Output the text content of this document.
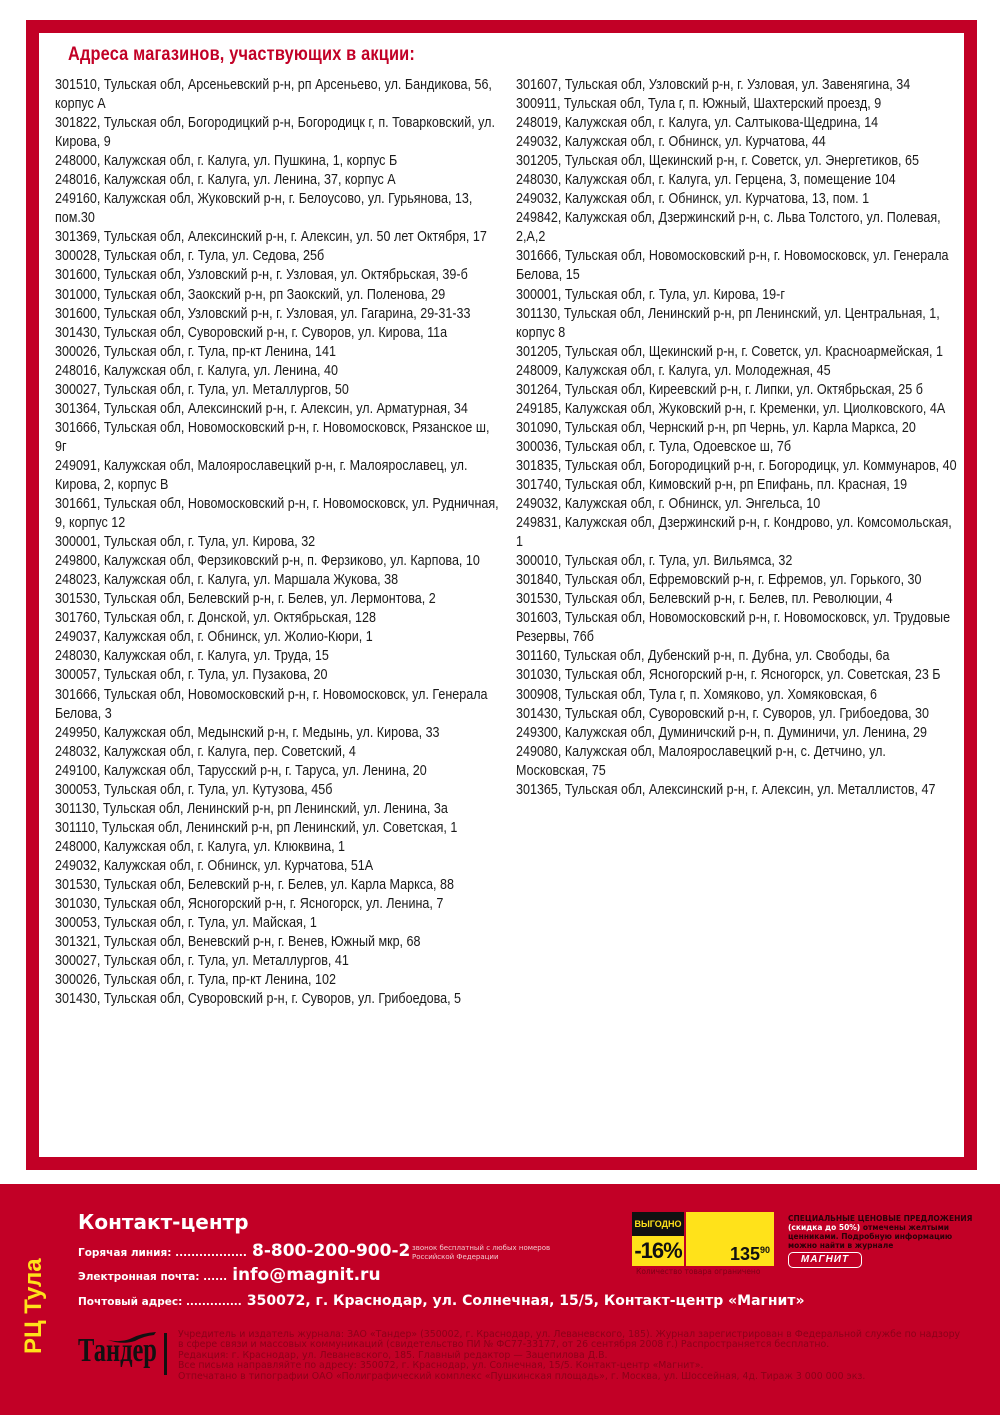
Адреса магазинов, участвующих в акции:
301510, Тульская обл, Арсеньевский р-н, рп Арсеньево, ул. Бандикова, 56, корпус А
301822, Тульская обл, Богородицкий р-н, Богородицк г, п. Товарковский, ул. Кирова, 9
248000, Калужская обл, г. Калуга, ул. Пушкина, 1, корпус Б
248016, Калужская обл, г. Калуга, ул. Ленина, 37, корпус А
249160, Калужская обл, Жуковский р-н, г. Белоусово, ул. Гурьянова, 13, пом.30
301369, Тульская обл, Алексинский р-н, г. Алексин, ул. 50 лет Октября, 17
300028, Тульская обл, г. Тула, ул. Седова, 25б
301600, Тульская обл, Узловский р-н, г. Узловая, ул. Октябрьская, 39-б
301000, Тульская обл, Заокский р-н, рп Заокский, ул. Поленова, 29
301600, Тульская обл, Узловский р-н, г. Узловая, ул. Гагарина, 29-31-33
301430, Тульская обл, Суворовский р-н, г. Суворов, ул. Кирова, 11а
300026, Тульская обл, г. Тула, пр-кт Ленина, 141
248016, Калужская обл, г. Калуга, ул. Ленина, 40
300027, Тульская обл, г. Тула, ул. Металлургов, 50
301364, Тульская обл, Алексинский р-н, г. Алексин, ул. Арматурная, 34
301666, Тульская обл, Новомосковский р-н, г. Новомосковск, Рязанское ш, 9г
249091, Калужская обл, Малоярославецкий р-н, г. Малоярославец, ул. Кирова, 2, корпус В
301661, Тульская обл, Новомосковский р-н, г. Новомосковск, ул. Рудничная, 9, корпус 12
300001, Тульская обл, г. Тула, ул. Кирова, 32
249800, Калужская обл, Ферзиковский р-н, п. Ферзиково, ул. Карпова, 10
248023, Калужская обл, г. Калуга, ул. Маршала Жукова, 38
301530, Тульская обл, Белевский р-н, г. Белев, ул. Лермонтова, 2
301760, Тульская обл, г. Донской, ул. Октябрьская, 128
249037, Калужская обл, г. Обнинск, ул. Жолио-Кюри, 1
248030, Калужская обл, г. Калуга, ул. Труда, 15
300057, Тульская обл, г. Тула, ул. Пузакова, 20
301666, Тульская обл, Новомосковский р-н, г. Новомосковск, ул. Генерала Белова, 3
249950, Калужская обл, Медынский р-н, г. Медынь, ул. Кирова, 33
248032, Калужская обл, г. Калуга, пер. Советский, 4
249100, Калужская обл, Тарусский р-н, г. Таруса, ул. Ленина, 20
300053, Тульская обл, г. Тула, ул. Кутузова, 45б
301130, Тульская обл, Ленинский р-н, рп Ленинский, ул. Ленина, 3а
301110, Тульская обл, Ленинский р-н, рп Ленинский, ул. Советская, 1
248000, Калужская обл, г. Калуга, ул. Клюквина, 1
249032, Калужская обл, г. Обнинск, ул. Курчатова, 51А
301530, Тульская обл, Белевский р-н, г. Белев, ул. Карла Маркса, 88
301030, Тульская обл, Ясногорский р-н, г. Ясногорск, ул. Ленина, 7
300053, Тульская обл, г. Тула, ул. Майская, 1
301321, Тульская обл, Веневский р-н, г. Венев, Южный мкр, 68
300027, Тульская обл, г. Тула, ул. Металлургов, 41
300026, Тульская обл, г. Тула, пр-кт Ленина, 102
301430, Тульская обл, Суворовский р-н, г. Суворов, ул. Грибоедова, 5
301607, Тульская обл, Узловский р-н, г. Узловая, ул. Завенягина, 34
300911, Тульская обл, Тула г, п. Южный, Шахтерский проезд, 9
248019, Калужская обл, г. Калуга, ул. Салтыкова-Щедрина, 14
249032, Калужская обл, г. Обнинск, ул. Курчатова, 44
301205, Тульская обл, Щекинский р-н, г. Советск, ул. Энергетиков, 65
248030, Калужская обл, г. Калуга, ул. Герцена, 3, помещение 104
249032, Калужская обл, г. Обнинск, ул. Курчатова, 13, пом. 1
249842, Калужская обл, Дзержинский р-н, с. Льва Толстого, ул. Полевая, 2,А,2
301666, Тульская обл, Новомосковский р-н, г. Новомосковск, ул. Генерала Белова, 15
300001, Тульская обл, г. Тула, ул. Кирова, 19-г
301130, Тульская обл, Ленинский р-н, рп Ленинский, ул. Центральная, 1, корпус 8
301205, Тульская обл, Щекинский р-н, г. Советск, ул. Красноармейская, 1
248009, Калужская обл, г. Калуга, ул. Молодежная, 45
301264, Тульская обл, Киреевский р-н, г. Липки, ул. Октябрьская, 25 б
249185, Калужская обл, Жуковский р-н, г. Кременки, ул. Циолковского, 4А
301090, Тульская обл, Чернский р-н, рп Чернь, ул. Карла Маркса, 20
300036, Тульская обл, г. Тула, Одоевское ш, 7б
301835, Тульская обл, Богородицкий р-н, г. Богородицк, ул. Коммунаров, 40
301740, Тульская обл, Кимовский р-н, рп Епифань, пл. Красная, 19
249032, Калужская обл, г. Обнинск, ул. Энгельса, 10
249831, Калужская обл, Дзержинский р-н, г. Кондрово, ул. Комсомольская, 1
300010, Тульская обл, г. Тула, ул. Вильямса, 32
301840, Тульская обл, Ефремовский р-н, г. Ефремов, ул. Горького, 30
301530, Тульская обл, Белевский р-н, г. Белев, пл. Революции, 4
301603, Тульская обл, Новомосковский р-н, г. Новомосковск, ул. Трудовые Резервы, 76б
301160, Тульская обл, Дубенский р-н, п. Дубна, ул. Свободы, 6а
301030, Тульская обл, Ясногорский р-н, г. Ясногорск, ул. Советская, 23 Б
300908, Тульская обл, Тула г, п. Хомяково, ул. Хомяковская, 6
301430, Тульская обл, Суворовский р-н, г. Суворов, ул. Грибоедова, 30
249300, Калужская обл, Думиничский р-н, п. Думиничи, ул. Ленина, 29
249080, Калужская обл, Малоярославецкий р-н, с. Детчино, ул. Московская, 75
301365, Тульская обл, Алексинский р-н, г. Алексин, ул. Металлистов, 47
Контакт-центр
Горячая линия: .................. 8-800-200-900-2 звонок бесплатный с любых номеров Российской Федерации
Электронная почта: ...... info@magnit.ru
Почтовый адрес: .............. 350072, г. Краснодар, ул. Солнечная, 15/5, Контакт-центр «Магнит»
ВЫГОДНО
-16%	$135^{90}$
Количество товара ограничено
СПЕЦИАЛЬНЫЕ ЦЕНОВЫЕ ПРЕДЛОЖЕНИЯ
(скидка до 50%) отмечены желтыми ценниками. Подробную информацию можно найти в журнале
МАГНИТ
Тандер Учредитель и издатель журнала: ЗАО «Тандер» (350002, г. Краснодар, ул. Леваневского, 185). Журнал зарегистрирован в Федеральной службе по надзору
в сфере связи и массовых коммуникаций (свидетельство ПИ № ФС77-33177, от 26 сентября 2008 г.) Распространяется бесплатно.
Редакция: г. Краснодар, ул. Леваневского, 185. Главный редактор — Зацепилова Д.В.
Все письма направляйте по адресу: 350072, г. Краснодар, ул. Солнечная, 15/5. Контакт-центр «Магнит».
Отпечатано в типографии ОАО «Полиграфический комплекс «Пушкинская площадь», г. Москва, ул. Шоссейная, 4д. Тираж 3 000 000 экз.
